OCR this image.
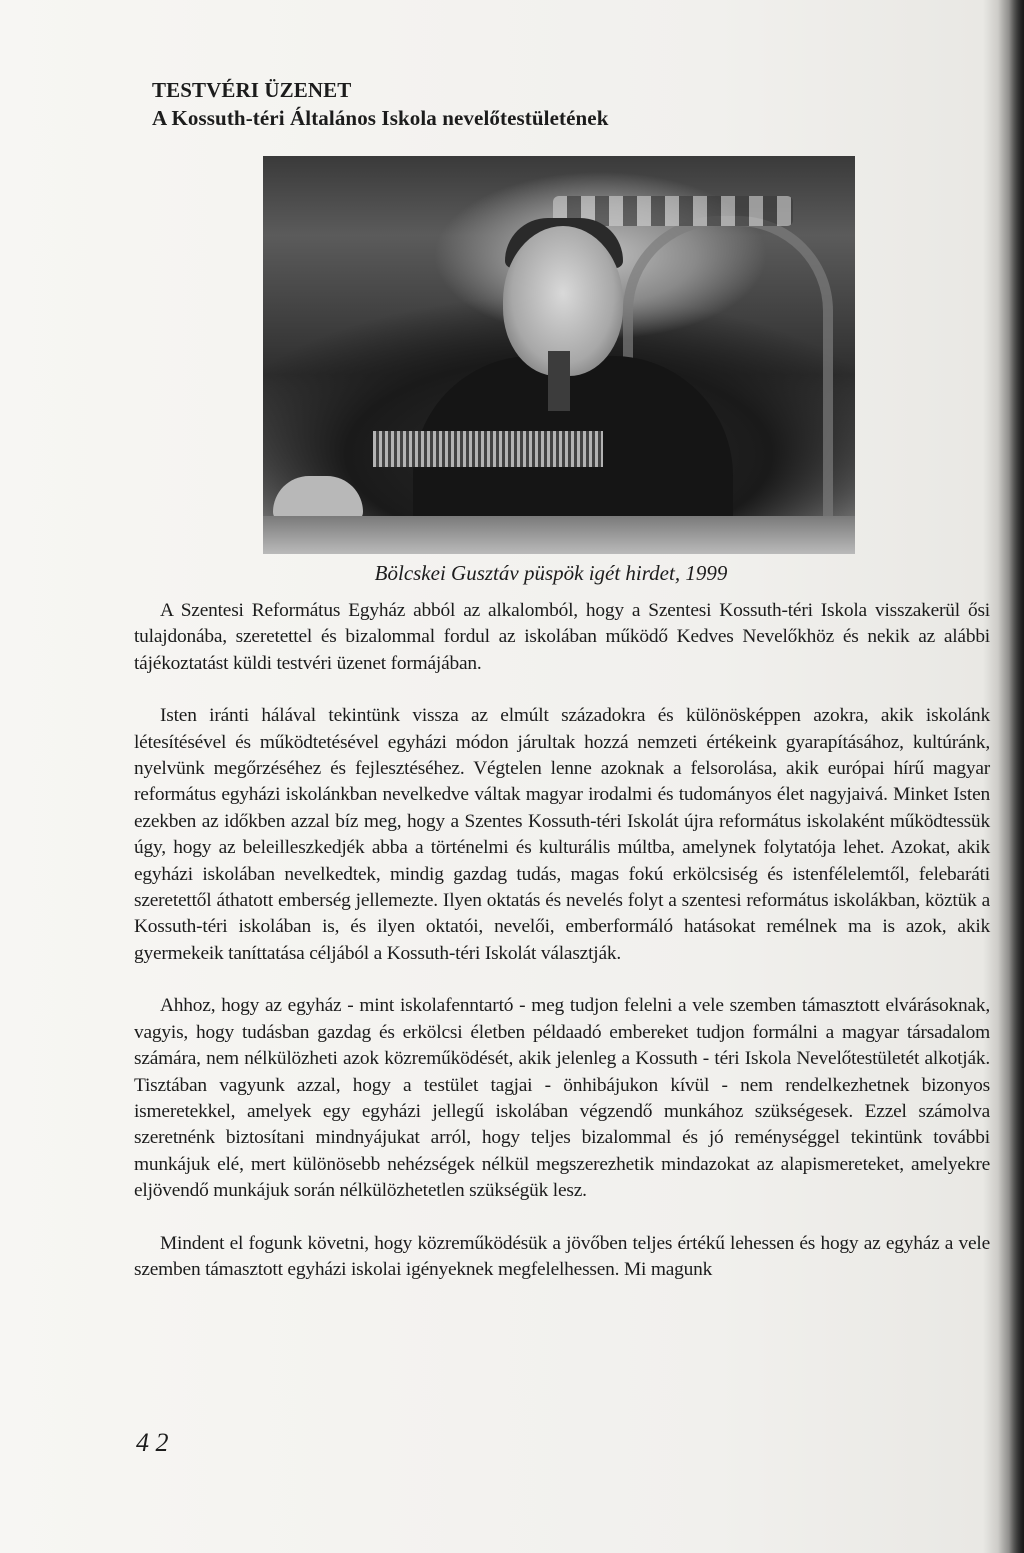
TESTVÉRI ÜZENET
A Kossuth-téri Általános Iskola nevelőtestületének
Bölcskei Gusztáv püspök igét hirdet, 1999

A Szentesi Református Egyház abból az alkalomból, hogy a Szentesi Kossuth-téri Iskola visszakerül ősi tulajdonába, szeretettel és bizalommal fordul az iskolában működő Kedves Nevelőkhöz és nekik az alábbi tájékoztatást küldi testvéri üzenet formájában.

Isten iránti hálával tekintünk vissza az elmúlt századokra és különösképpen azokra, akik iskolánk létesítésével és működtetésével egyházi módon járultak hozzá nemzeti értékeink gyarapításához, kultúránk, nyelvünk megőrzéséhez és fejlesztéséhez. Végtelen lenne azoknak a felsorolása, akik európai hírű magyar református egyházi iskolánkban nevelkedve váltak magyar irodalmi és tudományos élet nagyjaivá. Minket Isten ezekben az időkben azzal bíz meg, hogy a Szentes Kossuth-téri Iskolát újra református iskolaként működtessük úgy, hogy az beleilleszkedjék abba a történelmi és kulturális múltba, amelynek folytatója lehet. Azokat, akik egyházi iskolában nevelkedtek, mindig gazdag tudás, magas fokú erkölcsiség és istenfélelemtől, felebaráti szeretettől áthatott emberség jellemezte. Ilyen oktatás és nevelés folyt a szentesi református iskolákban, köztük a Kossuth-téri iskolában is, és ilyen oktatói, nevelői, emberformáló hatásokat remélnek ma is azok, akik gyermekeik taníttatása céljából a Kossuth-téri Iskolát választják.

Ahhoz, hogy az egyház - mint iskolafenntartó - meg tudjon felelni a vele szemben támasztott elvárásoknak, vagyis, hogy tudásban gazdag és erkölcsi életben példaadó embereket tudjon formálni a magyar társadalom számára, nem nélkülözheti azok közreműködését, akik jelenleg a Kossuth - téri Iskola Nevelőtestületét alkotják. Tisztában vagyunk azzal, hogy a testület tagjai - önhibájukon kívül - nem rendelkezhetnek bizonyos ismeretekkel, amelyek egy egyházi jellegű iskolában végzendő munkához szükségesek. Ezzel számolva szeretnénk biztosítani mindnyájukat arról, hogy teljes bizalommal és jó reménységgel tekintünk további munkájuk elé, mert különösebb nehézségek nélkül megszerezhetik mindazokat az alapismereteket, amelyekre eljövendő munkájuk során nélkülözhetetlen szükségük lesz.

Mindent el fogunk követni, hogy közreműködésük a jövőben teljes értékű lehessen és hogy az egyház a vele szemben támasztott egyházi iskolai igényeknek megfelelhessen. Mi magunk

4 2
